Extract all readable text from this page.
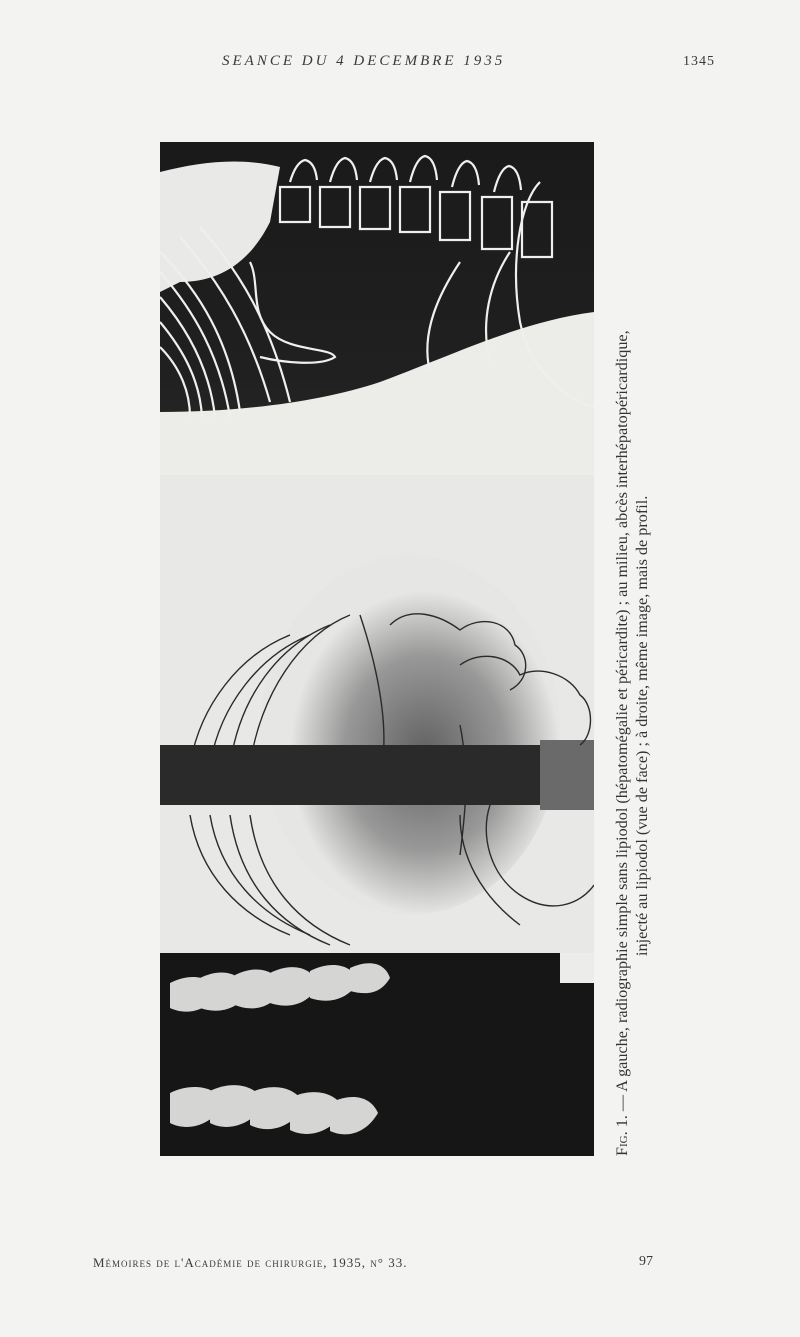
SEANCE DU 4 DECEMBRE 1935	1345
Fig. 1. — A gauche, radiographie simple sans lipiodol (hépatomégalie et péricardite) ; au milieu, abcès interhépatopéricardique, injecté au lipiodol (vue de face) ; à droite, même image, mais de profil.
Mémoires de l'Académie de chirurgie, 1935, n° 33.	97
